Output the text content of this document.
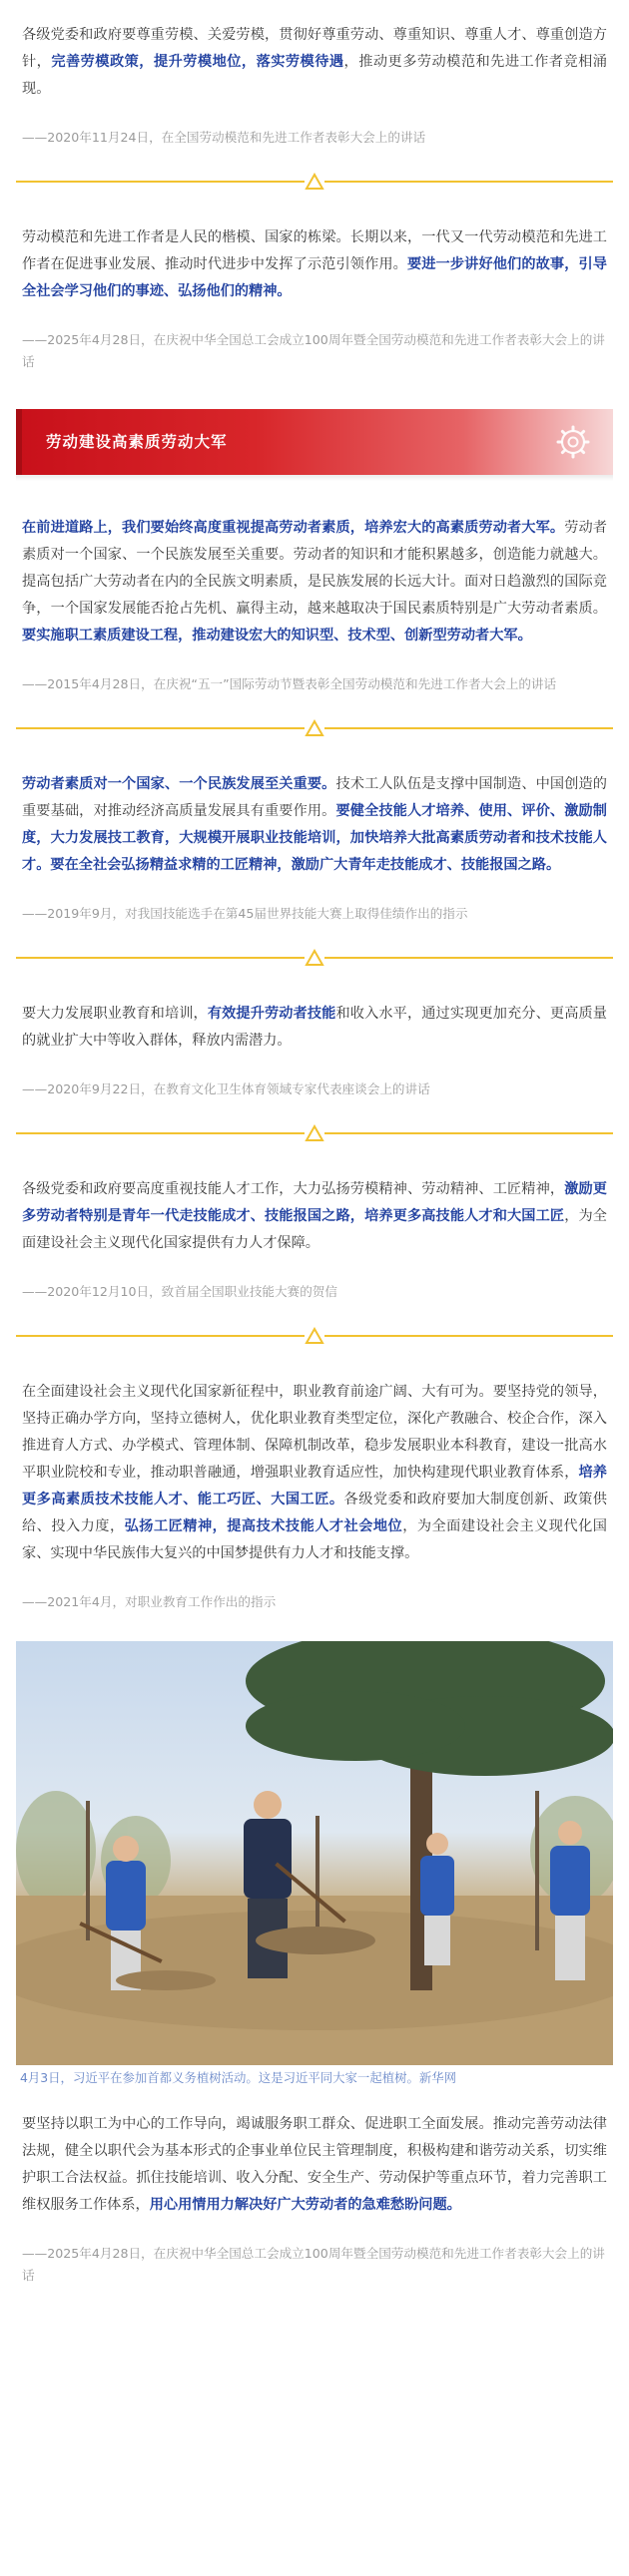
各级党委和政府要尊重劳模、关爱劳模，贯彻好尊重劳动、尊重知识、尊重人才、尊重创造方针，完善劳模政策，提升劳模地位，落实劳模待遇，推动更多劳动模范和先进工作者竞相涌现。

——2020年11月24日，在全国劳动模范和先进工作者表彰大会上的讲话

劳动模范和先进工作者是人民的楷模、国家的栋梁。长期以来，一代又一代劳动模范和先进工作者在促进事业发展、推动时代进步中发挥了示范引领作用。要进一步讲好他们的故事，引导全社会学习他们的事迹、弘扬他们的精神。

——2025年4月28日，在庆祝中华全国总工会成立100周年暨全国劳动模范和先进工作者表彰大会上的讲话

劳动建设高素质劳动大军

在前进道路上，我们要始终高度重视提高劳动者素质，培养宏大的高素质劳动者大军。劳动者素质对一个国家、一个民族发展至关重要。劳动者的知识和才能积累越多，创造能力就越大。提高包括广大劳动者在内的全民族文明素质，是民族发展的长远大计。面对日趋激烈的国际竞争，一个国家发展能否抢占先机、赢得主动，越来越取决于国民素质特别是广大劳动者素质。要实施职工素质建设工程，推动建设宏大的知识型、技术型、创新型劳动者大军。

——2015年4月28日，在庆祝“五一”国际劳动节暨表彰全国劳动模范和先进工作者大会上的讲话

劳动者素质对一个国家、一个民族发展至关重要。技术工人队伍是支撑中国制造、中国创造的重要基础，对推动经济高质量发展具有重要作用。要健全技能人才培养、使用、评价、激励制度，大力发展技工教育，大规模开展职业技能培训，加快培养大批高素质劳动者和技术技能人才。要在全社会弘扬精益求精的工匠精神，激励广大青年走技能成才、技能报国之路。

——2019年9月，对我国技能选手在第45届世界技能大赛上取得佳绩作出的指示

要大力发展职业教育和培训，有效提升劳动者技能和收入水平，通过实现更加充分、更高质量的就业扩大中等收入群体，释放内需潜力。

——2020年9月22日，在教育文化卫生体育领域专家代表座谈会上的讲话

各级党委和政府要高度重视技能人才工作，大力弘扬劳模精神、劳动精神、工匠精神，激励更多劳动者特别是青年一代走技能成才、技能报国之路，培养更多高技能人才和大国工匠，为全面建设社会主义现代化国家提供有力人才保障。

——2020年12月10日，致首届全国职业技能大赛的贺信

在全面建设社会主义现代化国家新征程中，职业教育前途广阔、大有可为。要坚持党的领导，坚持正确办学方向，坚持立德树人，优化职业教育类型定位，深化产教融合、校企合作，深入推进育人方式、办学模式、管理体制、保障机制改革，稳步发展职业本科教育，建设一批高水平职业院校和专业，推动职普融通，增强职业教育适应性，加快构建现代职业教育体系，培养更多高素质技术技能人才、能工巧匠、大国工匠。各级党委和政府要加大制度创新、政策供给、投入力度，弘扬工匠精神，提高技术技能人才社会地位，为全面建设社会主义现代化国家、实现中华民族伟大复兴的中国梦提供有力人才和技能支撑。

——2021年4月，对职业教育工作作出的指示

4月3日，习近平在参加首都义务植树活动。这是习近平同大家一起植树。新华网

要坚持以职工为中心的工作导向，竭诚服务职工群众、促进职工全面发展。推动完善劳动法律法规，健全以职代会为基本形式的企事业单位民主管理制度，积极构建和谐劳动关系，切实维护职工合法权益。抓住技能培训、收入分配、安全生产、劳动保护等重点环节，着力完善职工维权服务工作体系，用心用情用力解决好广大劳动者的急难愁盼问题。

——2025年4月28日，在庆祝中华全国总工会成立100周年暨全国劳动模范和先进工作者表彰大会上的讲话
